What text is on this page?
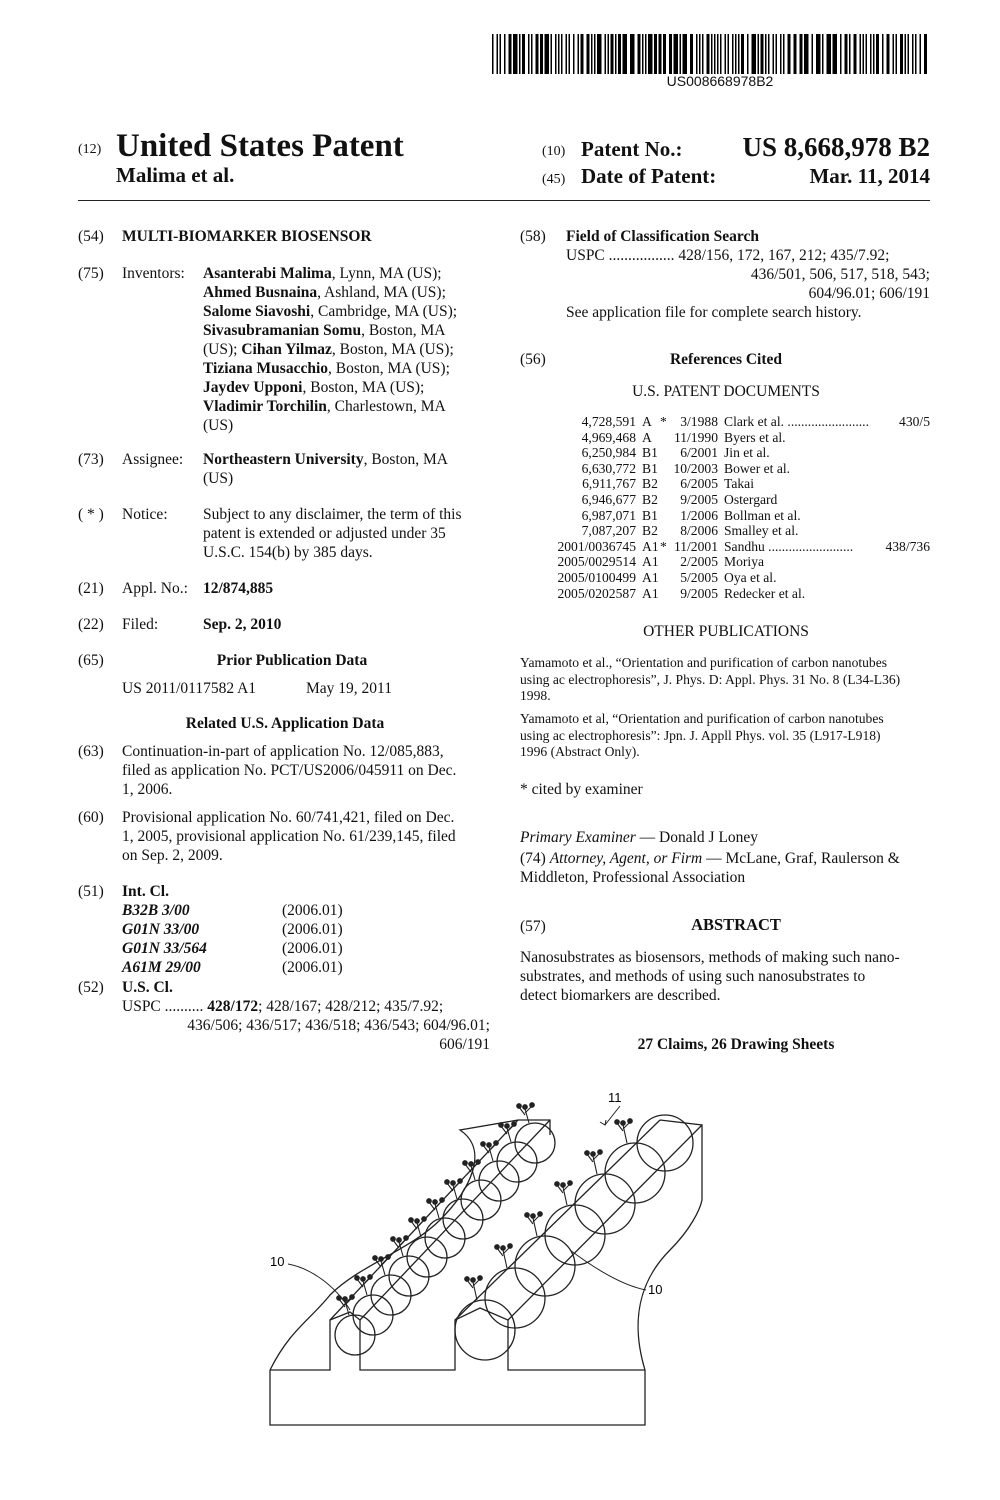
US008668978B2
(12) United States Patent
Malima et al.
(10) Patent No.: US 8,668,978 B2
(45) Date of Patent:	Mar. 11, 2014
(54) MULTI-BIOMARKER BIOSENSOR
(75) Inventors: Asanterabi Malima, Lynn, MA (US);
Ahmed Busnaina, Ashland, MA (US);
Salome Siavoshi, Cambridge, MA (US);
Sivasubramanian Somu, Boston, MA
(US); Cihan Yilmaz, Boston, MA (US);
Tiziana Musacchio, Boston, MA (US);
Jaydev Upponi, Boston, MA (US);
Vladimir Torchilin, Charlestown, MA
(US)
(73) Assignee: Northeastern University, Boston, MA
(US)
( * ) Notice: Subject to any disclaimer, the term of this
patent is extended or adjusted under 35
U.S.C. 154(b) by 385 days.
(21) Appl. No.: 12/874,885
(22) Filed:	Sep. 2, 2010
(65)	Prior Publication Data
US 2011/0117582 A1	May 19, 2011
Related U.S. Application Data
(63) Continuation-in-part of application No. 12/085,883,
filed as application No. PCT/US2006/045911 on Dec.
1, 2006.
(60) Provisional application No. 60/741,421, filed on Dec.
1, 2005, provisional application No. 61/239,145, filed
on Sep. 2, 2009.
(51) Int. Cl.
B32B 3/00	(2006.01)
G01N 33/00	(2006.01)
G01N 33/564	(2006.01)
A61M 29/00	(2006.01)
(52) U.S. Cl.
USPC .......... 428/172; 428/167; 428/212; 435/7.92;
436/506; 436/517; 436/518; 436/543; 604/96.01;
606/191
(58) Field of Classification Search
USPC ................. 428/156, 172, 167, 212; 435/7.92;
436/501, 506, 517, 518, 543;
604/96.01; 606/191
See application file for complete search history.
(56)	References Cited
U.S. PATENT DOCUMENTS
4,728,591 A * 3/1988 Clark et al. ........................ 430/5
4,969,468 A 11/1990 Byers et al.
6,250,984 B1 6/2001 Jin et al.
6,630,772 B1 10/2003 Bower et al.
6,911,767 B2 6/2005 Takai
6,946,677 B2 9/2005 Ostergard
6,987,071 B1 1/2006 Bollman et al.
7,087,207 B2 8/2006 Smalley et al.
2001/0036745 A1 * 11/2001 Sandhu ......................... 438/736
2005/0029514 A1 2/2005 Moriya
2005/0100499 A1 5/2005 Oya et al.
2005/0202587 A1 9/2005 Redecker et al.
OTHER PUBLICATIONS
Yamamoto et al., “Orientation and purification of carbon nanotubes
using ac electrophoresis”, J. Phys. D: Appl. Phys. 31 No. 8 (L34-L36)
1998.
Yamamoto et al, “Orientation and purification of carbon nanotubes
using ac electrophoresis”: Jpn. J. Appll Phys. vol. 35 (L917-L918)
1996 (Abstract Only).
* cited by examiner
Primary Examiner — Donald J Loney
(74) Attorney, Agent, or Firm — McLane, Graf, Raulerson &
Middleton, Professional Association
(57)	ABSTRACT
Nanosubstrates as biosensors, methods of making such nano-
substrates, and methods of using such nanosubstrates to
detect biomarkers are described.
27 Claims, 26 Drawing Sheets
11
10
10
